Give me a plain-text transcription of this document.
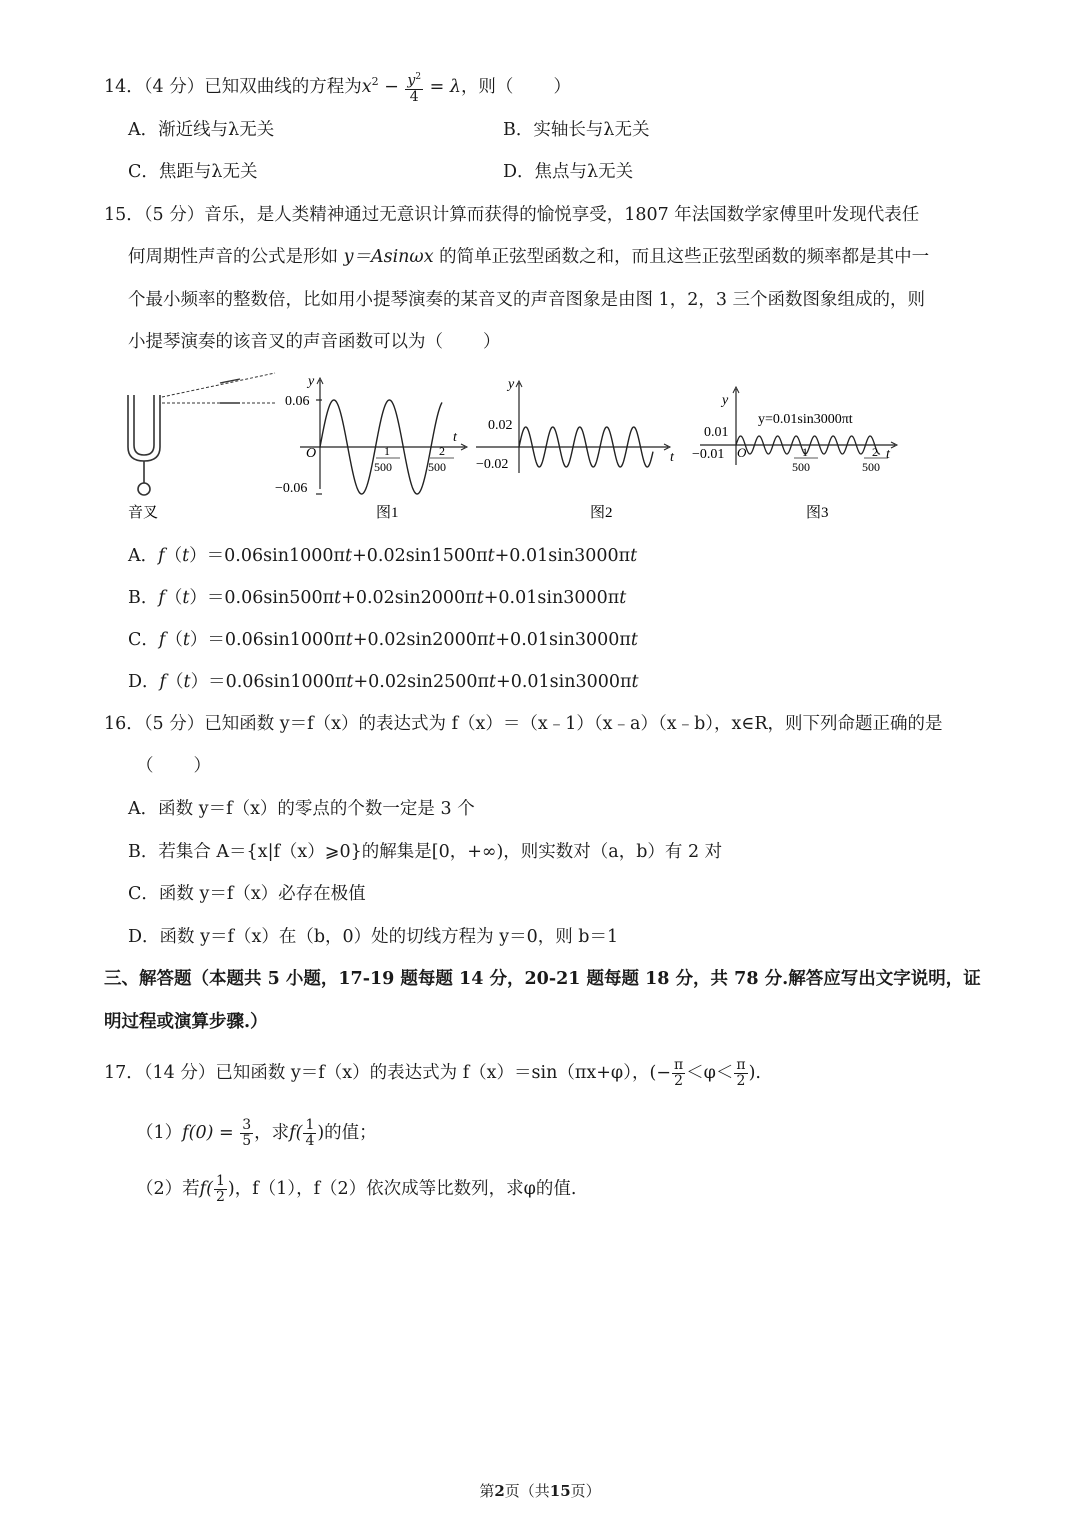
14．（4 分）已知双曲线的方程为$x^2 - \frac{y^2}{4} = \lambda$，则（ ）
A．渐近线与λ无关	B．实轴长与λ无关
C．焦距与λ无关	D．焦点与λ无关
15．（5 分）音乐，是人类精神通过无意识计算而获得的愉悦享受，1807 年法国数学家傅里叶发现代表任
何周期性声音的公式是形如 y＝Asinωx 的简单正弦型函数之和，而且这些正弦型函数的频率都是其中一
个最小频率的整数倍，比如用小提琴演奏的某音叉的声音图象是由图 1，2，3 三个函数图象组成的，则
小提琴演奏的该音叉的声音函数可以为（ ）
音叉
y
0.06
−0.06
O
t
1
500
2
500
图1
y
0.02
−0.02	t
图2
y
0.01
−0.01 O
y=0.01sin3000πt
t
1
500
2
500
图3
A．f（t）＝0.06sin1000πt+0.02sin1500πt+0.01sin3000πt
B．f（t）＝0.06sin500πt+0.02sin2000πt+0.01sin3000πt
C．f（t）＝0.06sin1000πt+0.02sin2000πt+0.01sin3000πt
D．f（t）＝0.06sin1000πt+0.02sin2500πt+0.01sin3000πt
16．（5 分）已知函数 y＝f（x）的表达式为 f（x）＝（x﹣1）（x﹣a）（x﹣b），x∈R，则下列命题正确的是
（ ）
A．函数 y＝f（x）的零点的个数一定是 3 个
B．若集合 A＝{x|f（x）⩾0}的解集是[0，+∞)，则实数对（a，b）有 2 对
C．函数 y＝f（x）必存在极值
D．函数 y＝f（x）在（b，0）处的切线方程为 y＝0，则 b＝1
三、解答题（本题共 5 小题，17-19 题每题 14 分，20-21 题每题 18 分，共 78 分.解答应写出文字说明，证
明过程或演算步骤.）
17．（14 分）已知函数 y＝f（x）的表达式为 f（x）＝sin（πx+φ），(− $\frac{\pi}{2} <\varphi< \frac{\pi}{2}$ ).
$(1)f(0) = \frac{3}{5}$ ，求$f( \frac{1}{4}$ )的值；
（2）若$f( \frac{1}{2}$ )，f（1），f（2）依次成等比数列，求φ的值.
第2页（共15页）
